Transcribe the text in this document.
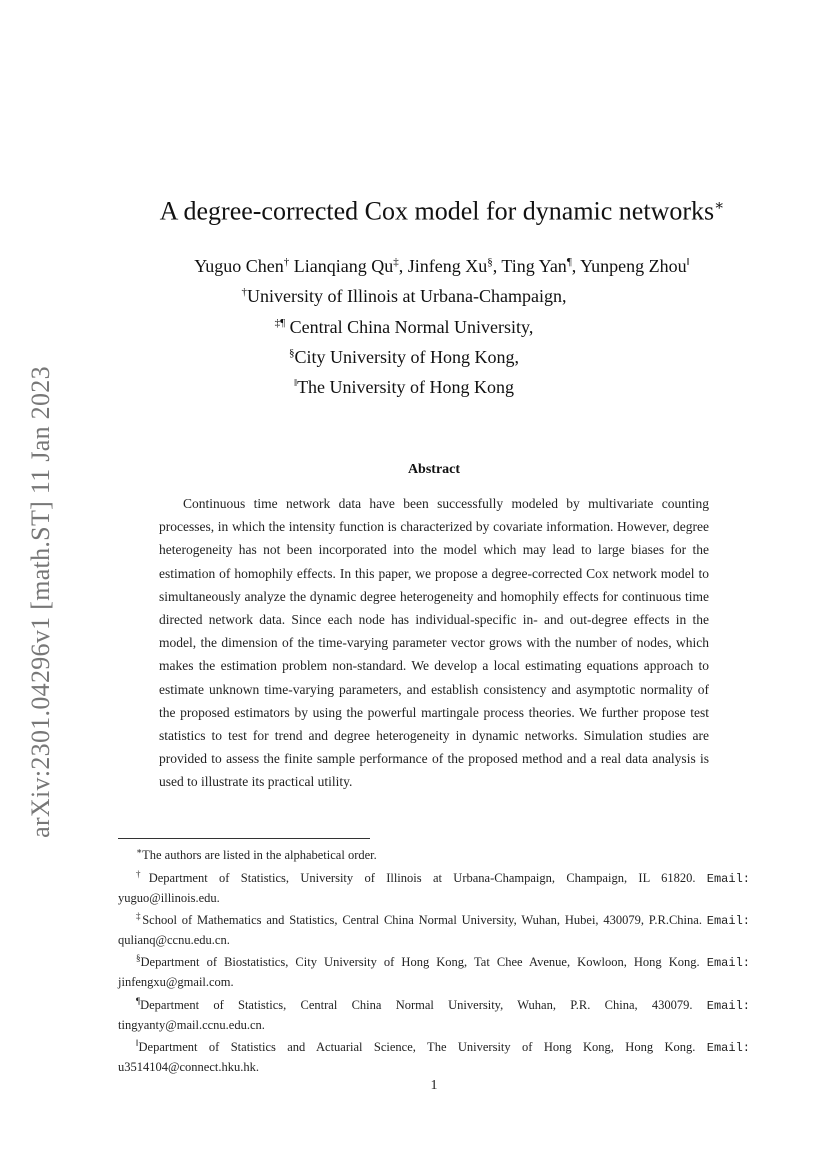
arXiv:2301.04296v1 [math.ST] 11 Jan 2023
A degree-corrected Cox model for dynamic networks∗
Yuguo Chen† Lianqiang Qu‡, Jinfeng Xu§, Ting Yan¶, Yunpeng Zhou‖
†University of Illinois at Urbana-Champaign,
‡¶ Central China Normal University,
§City University of Hong Kong,
‖The University of Hong Kong
Abstract
Continuous time network data have been successfully modeled by multivariate counting processes, in which the intensity function is characterized by covariate information. However, degree heterogeneity has not been incorporated into the model which may lead to large biases for the estimation of homophily effects. In this paper, we propose a degree-corrected Cox network model to simultaneously analyze the dynamic degree heterogeneity and homophily effects for continuous time directed network data. Since each node has individual-specific in- and out-degree effects in the model, the dimension of the time-varying parameter vector grows with the number of nodes, which makes the estimation problem non-standard. We develop a local estimating equations approach to estimate unknown time-varying parameters, and establish consistency and asymptotic normality of the proposed estimators by using the powerful martingale process theories. We further propose test statistics to test for trend and degree heterogeneity in dynamic networks. Simulation studies are provided to assess the finite sample performance of the proposed method and a real data analysis is used to illustrate its practical utility.
∗The authors are listed in the alphabetical order.
†Department of Statistics, University of Illinois at Urbana-Champaign, Champaign, IL 61820. Email: yuguo@illinois.edu.
‡School of Mathematics and Statistics, Central China Normal University, Wuhan, Hubei, 430079, P.R.China. Email: qulianq@ccnu.edu.cn.
§Department of Biostatistics, City University of Hong Kong, Tat Chee Avenue, Kowloon, Hong Kong. Email: jinfengxu@gmail.com.
¶Department of Statistics, Central China Normal University, Wuhan, P.R. China, 430079. Email: tingyanty@mail.ccnu.edu.cn.
‖Department of Statistics and Actuarial Science, The University of Hong Kong, Hong Kong. Email: u3514104@connect.hku.hk.
1
